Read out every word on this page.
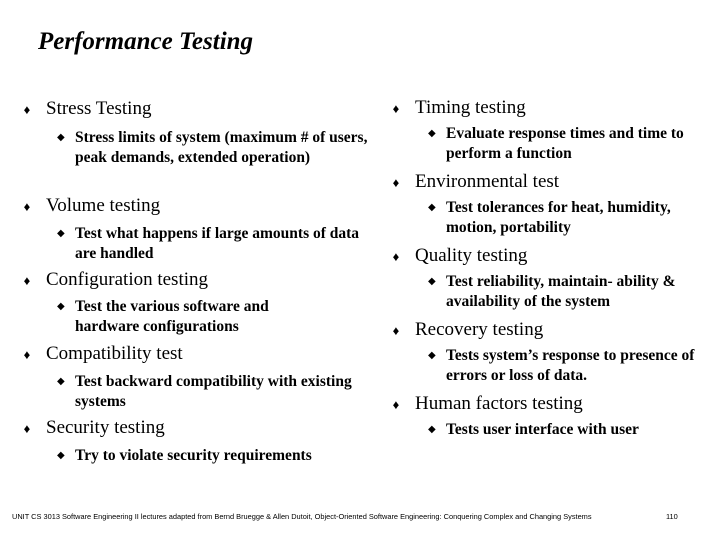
Performance Testing
♦ Stress Testing
◆ Stress limits of system (maximum # of users, peak demands, extended operation)
♦ Volume testing
◆ Test what happens if large amounts of data are handled
♦ Configuration testing
◆ Test the various software and hardware configurations
♦ Compatibility test
◆ Test backward compatibility with existing systems
♦ Security testing
◆ Try to violate security requirements
♦ Timing testing
◆ Evaluate response times and time to perform a function
♦ Environmental test
◆ Test tolerances for heat, humidity, motion, portability
♦ Quality testing
◆ Test reliability, maintain- ability & availability of the system
♦ Recovery testing
◆ Tests system’s response to presence of errors or loss of data.
♦ Human factors testing
◆ Tests user interface with user
UNIT CS 3013 Software Engineering II lectures adapted from Bernd Bruegge & Allen Dutoit, Object-Oriented Software Engineering: Conquering Complex and Changing Systems	110
